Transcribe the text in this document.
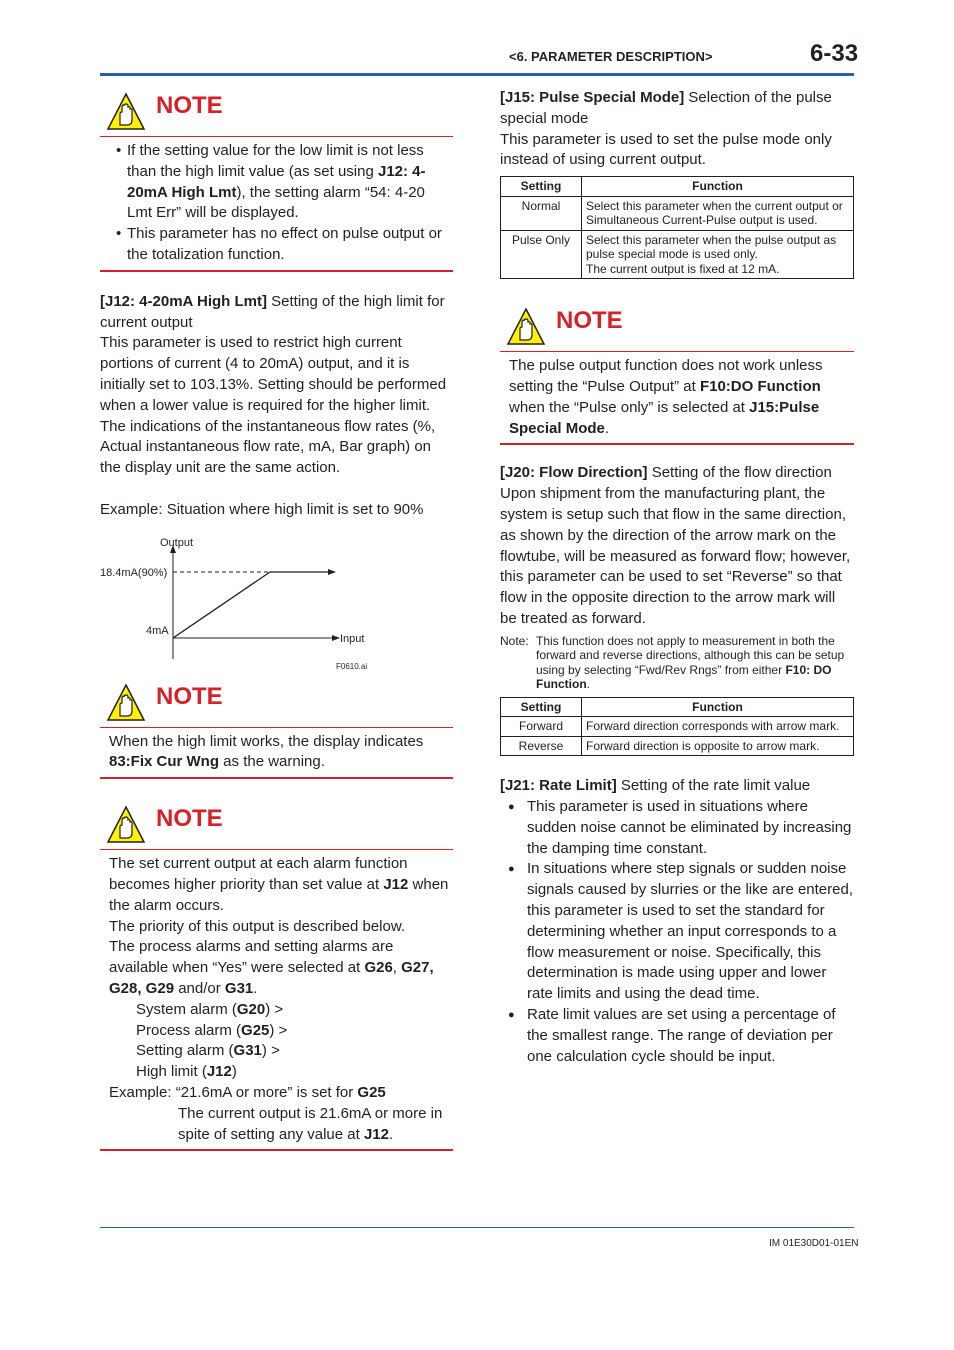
<6. PARAMETER DESCRIPTION>	6-33
IM 01E30D01-01EN
NOTE
• If the setting value for the low limit is not less than the high limit value (as set using J12: 4-20mA High Lmt), the setting alarm “54: 4-20 Lmt Err” will be displayed.
• This parameter has no effect on pulse output or the totalization function.

[J12: 4-20mA High Lmt] Setting of the high limit for current output

This parameter is used to restrict high current portions of current (4 to 20mA) output, and it is initially set to 103.13%. Setting should be performed when a lower value is required for the higher limit. The indications of the instantaneous flow rates (%, Actual instantaneous flow rate, mA, Bar graph) on the display unit are the same action.

Example: Situation where high limit is set to 90%

Output
Input
18.4mA(90%)
4mA
F0610.ai
NOTE

When the high limit works, the display indicates 83:Fix Cur Wng as the warning.

NOTE

The set current output at each alarm function becomes higher priority than set value at J12 when the alarm occurs.

The priority of this output is described below.

The process alarms and setting alarms are available when “Yes” were selected at G26, G27, G28, G29 and/or G31.

System alarm (G20) >

Process alarm (G25) >

Setting alarm (G31) >

High limit (J12)

Example: “21.6mA or more” is set for G25

The current output is 21.6mA or more in spite of setting any value at J12.

[J15: Pulse Special Mode] Selection of the pulse special mode

This parameter is used to set the pulse mode only instead of using current output.

Setting	Function
Normal	Select this parameter when the current output or Simultaneous Current-Pulse output is used.
Pulse Only	Select this parameter when the pulse output as pulse special mode is used only.
The current output is fixed at 12 mA.
NOTE

The pulse output function does not work unless setting the “Pulse Output” at F10:DO Function when the “Pulse only” is selected at J15:Pulse Special Mode.

[J20: Flow Direction] Setting of the flow direction

Upon shipment from the manufacturing plant, the system is setup such that flow in the same direction, as shown by the direction of the arrow mark on the flowtube, will be measured as forward flow; however, this parameter can be used to set “Reverse” so that flow in the opposite direction to the arrow mark will be treated as forward.

Note: This function does not apply to measurement in both the forward and reverse directions, although this can be setup using by selecting “Fwd/Rev Rngs” from either F10: DO Function.
Setting	Function
Forward	Forward direction corresponds with arrow mark.
Reverse	Forward direction is opposite to arrow mark.

[J21: Rate Limit] Setting of the rate limit value

● This parameter is used in situations where sudden noise cannot be eliminated by increasing the damping time constant.
● In situations where step signals or sudden noise signals caused by slurries or the like are entered, this parameter is used to set the standard for determining whether an input corresponds to a flow measurement or noise. Specifically, this determination is made using upper and lower rate limits and using the dead time.
● Rate limit values are set using a percentage of the smallest range. The range of deviation per one calculation cycle should be input.
